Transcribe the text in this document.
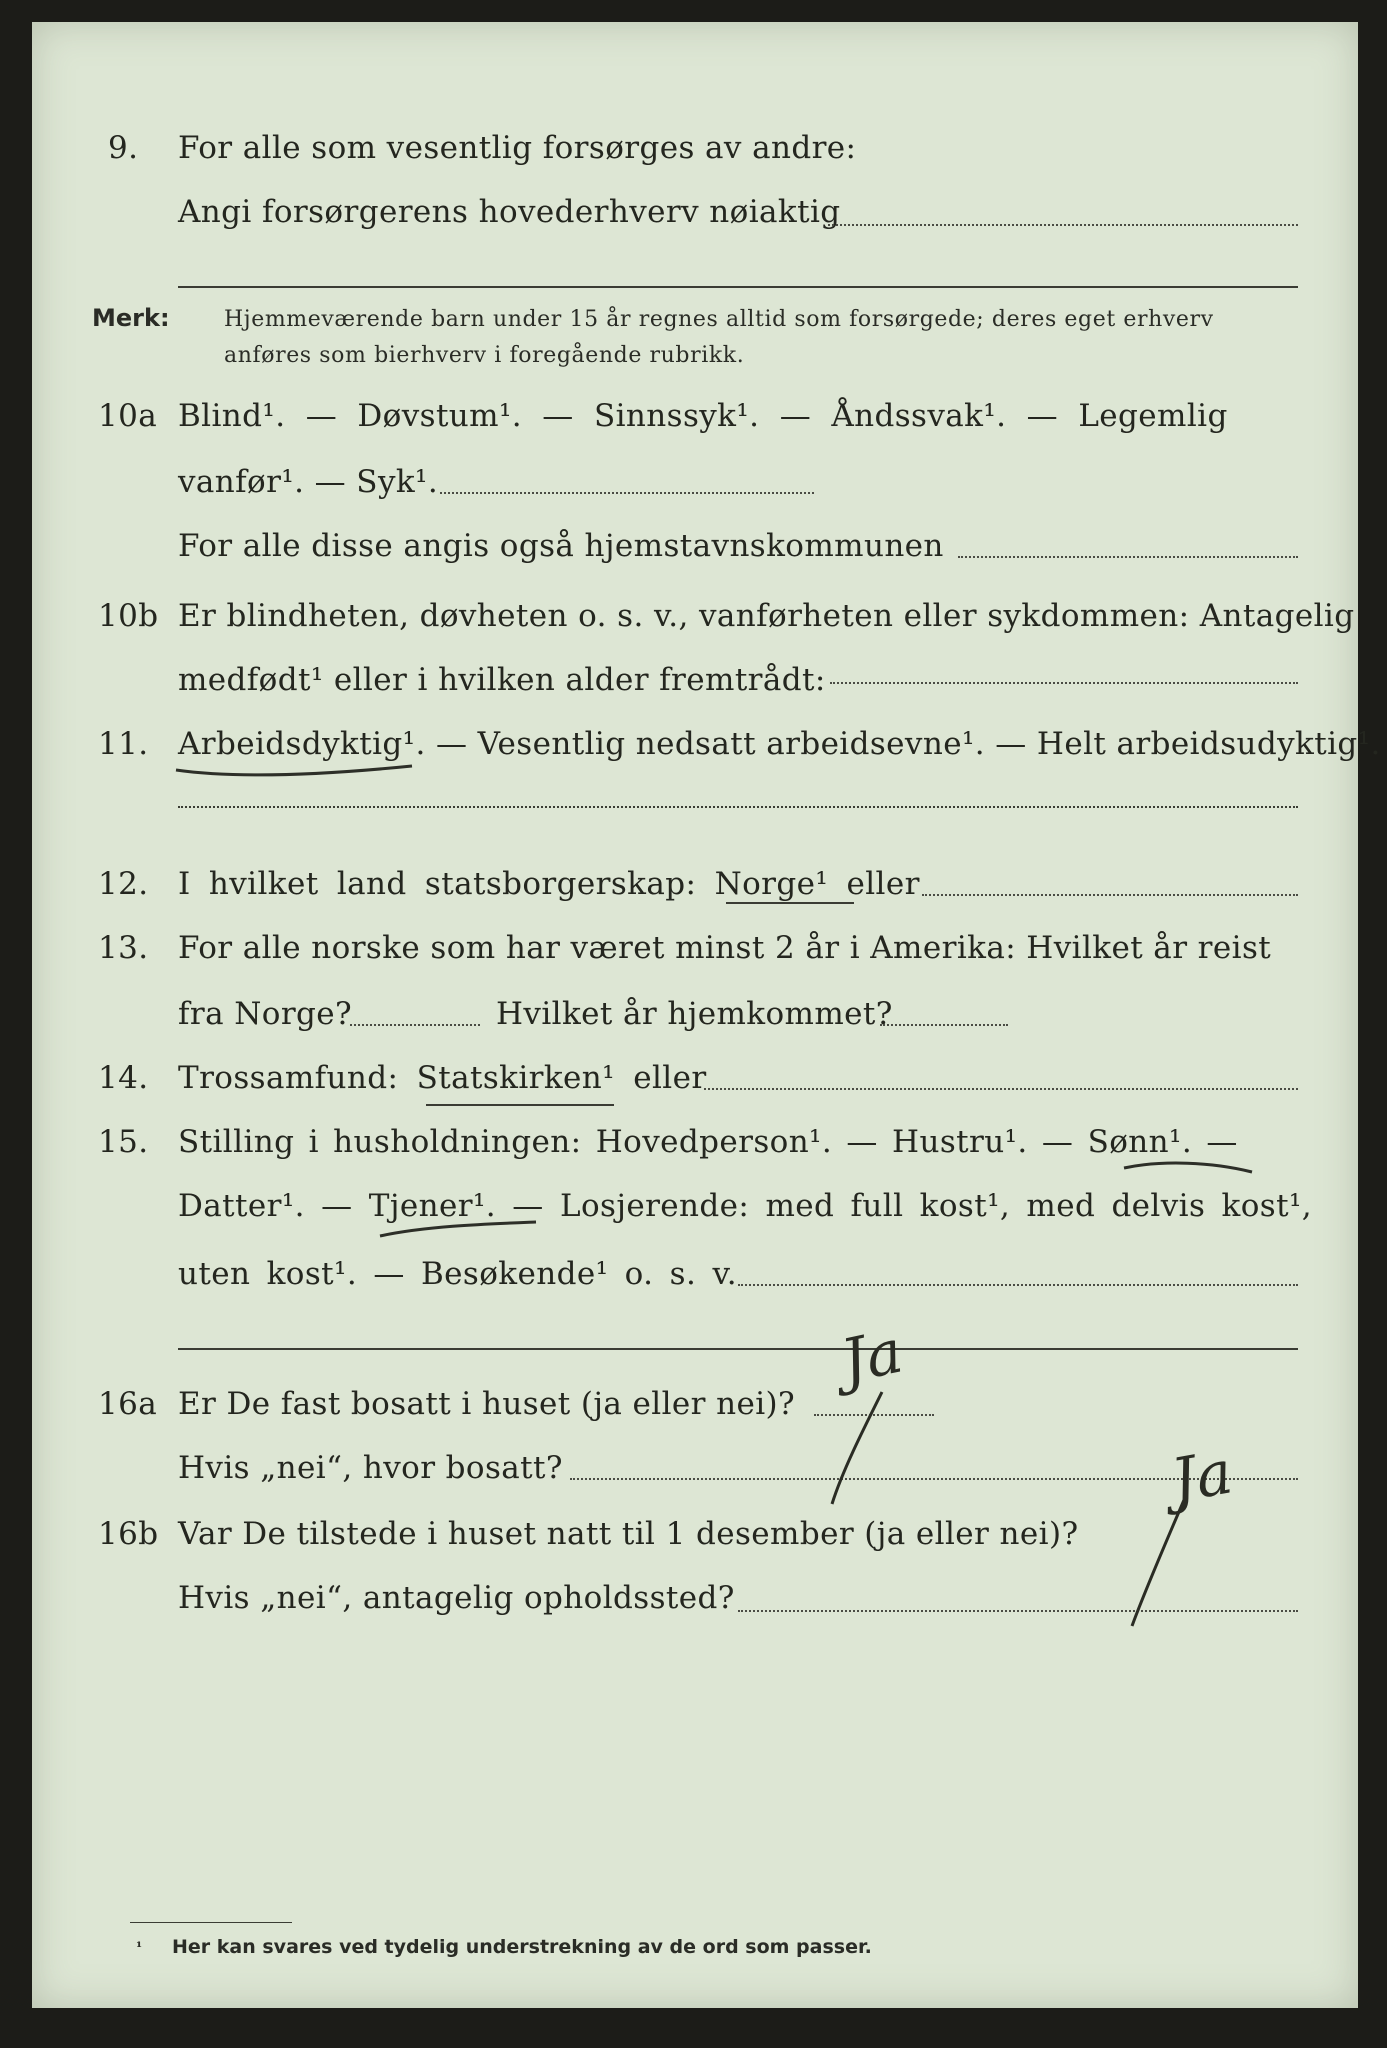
9. For alle som vesentlig forsørges av andre:
Angi forsørgerens hovederhverv nøiaktig
Merk: Hjemmeværende barn under 15 år regnes alltid som forsørgede; deres eget erhverv
anføres som bierhverv i foregående rubrikk.
10a Blind¹. — Døvstum¹. — Sinnssyk¹. — Åndssvak¹. — Legemlig
vanfør¹. — Syk¹.
For alle disse angis også hjemstavnskommunen
10b Er blindheten, døvheten o. s. v., vanførheten eller sykdommen: Antagelig
medfødt¹ eller i hvilken alder fremtrådt:
11. Arbeidsdyktig¹. — Vesentlig nedsatt arbeidsevne¹. — Helt arbeidsudyktig¹.
12. I hvilket land statsborgerskap: Norge¹ eller
13. For alle norske som har været minst 2 år i Amerika: Hvilket år reist
fra Norge?	Hvilket år hjemkommet?
14. Trossamfund: Statskirken¹ eller
15. Stilling i husholdningen: Hovedperson¹. — Hustru¹. — Sønn¹. —
Datter¹. — Tjener¹. — Losjerende: med full kost¹, med delvis kost¹,
uten kost¹. — Besøkende¹ o. s. v.
16a Er De fast bosatt i huset (ja eller nei)?
Hvis „nei“, hvor bosatt?
Ja
16b Var De tilstede i huset natt til 1 desember (ja eller nei)?
Hvis „nei“, antagelig opholdssted?
Ja
¹ Her kan svares ved tydelig understrekning av de ord som passer.
